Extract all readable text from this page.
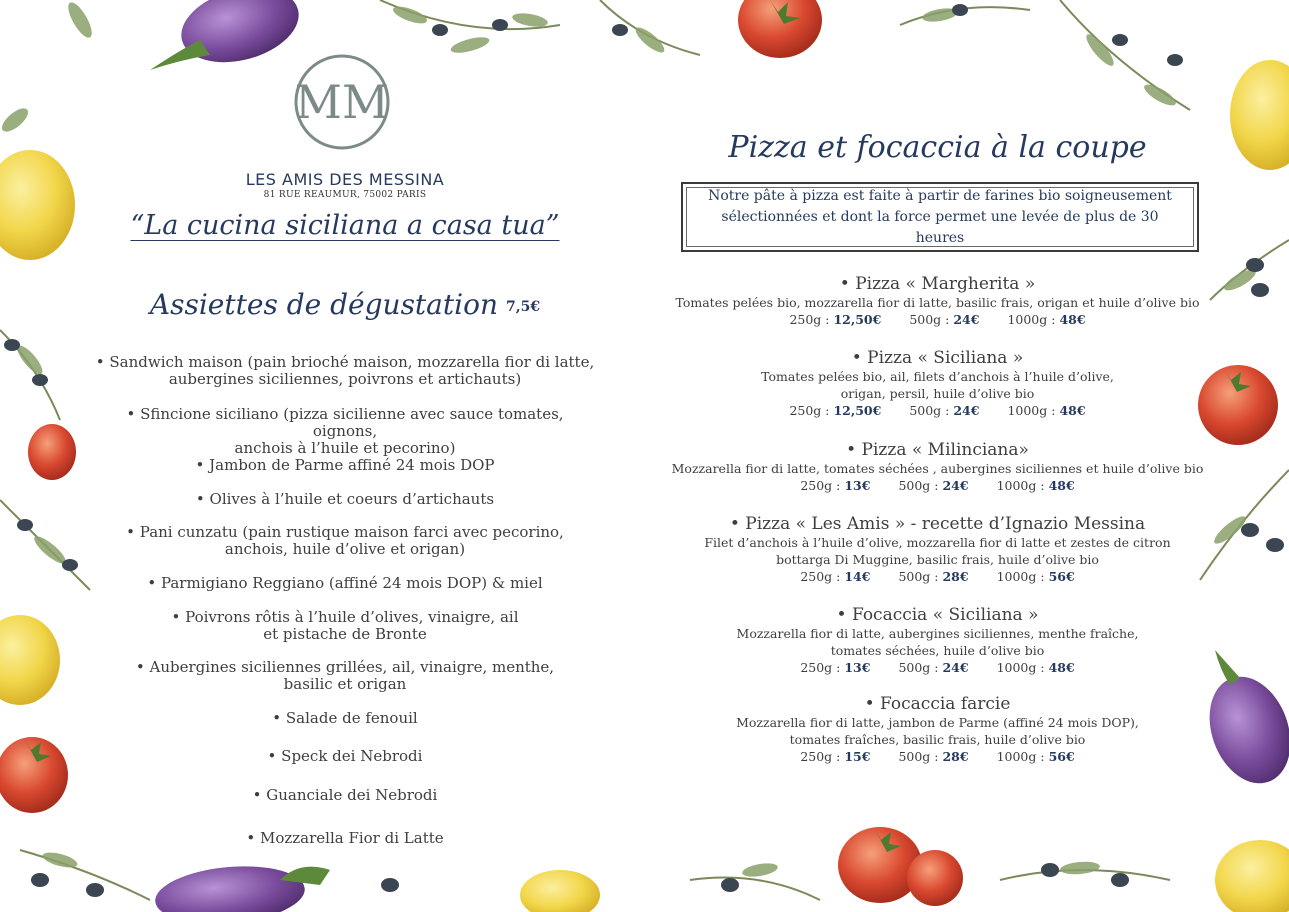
MM
LES AMIS DES MESSINA
81 RUE REAUMUR, 75002 PARIS
“La cucina siciliana a casa tua”
Assiettes de dégustation 7,5€
• Sandwich maison (pain brioché maison, mozzarella fior di latte,
aubergines siciliennes, poivrons et artichauts)
• Sfincione siciliano (pizza sicilienne avec sauce tomates, oignons,
anchois à l’huile et pecorino)
• Jambon de Parme affiné 24 mois DOP
• Olives à l’huile et coeurs d’artichauts
• Pani cunzatu (pain rustique maison farci avec pecorino,
anchois, huile d’olive et origan)
• Parmigiano Reggiano (affiné 24 mois DOP) & miel
• Poivrons rôtis à l’huile d’olives, vinaigre, ail
et pistache de Bronte
• Aubergines siciliennes grillées, ail, vinaigre, menthe,
basilic et origan
• Salade de fenouil
• Speck dei Nebrodi
• Guanciale dei Nebrodi
• Mozzarella Fior di Latte
Pizza et focaccia à la coupe
Notre pâte à pizza est faite à partir de farines bio soigneusement
sélectionnées et dont la force permet une levée de plus de 30 heures
• Pizza « Margherita »
Tomates pelées bio, mozzarella fior di latte, basilic frais, origan et huile d’olive bio
250g : 12,50€ 500g : 24€ 1000g : 48€
• Pizza « Siciliana »
Tomates pelées bio, ail, filets d’anchois à l’huile d’olive,
origan, persil, huile d’olive bio
250g : 12,50€ 500g : 24€ 1000g : 48€
• Pizza « Milinciana»
Mozzarella fior di latte, tomates séchées , aubergines siciliennes et huile d’olive bio
250g : 13€ 500g : 24€ 1000g : 48€
• Pizza « Les Amis » - recette d’Ignazio Messina
Filet d’anchois à l’huile d’olive, mozzarella fior di latte et zestes de citron
bottarga Di Muggine, basilic frais, huile d’olive bio
250g : 14€ 500g : 28€ 1000g : 56€
• Focaccia « Siciliana »
Mozzarella fior di latte, aubergines siciliennes, menthe fraîche,
tomates séchées, huile d’olive bio
250g : 13€ 500g : 24€ 1000g : 48€
• Focaccia farcie
Mozzarella fior di latte, jambon de Parme (affiné 24 mois DOP),
tomates fraîches, basilic frais, huile d’olive bio
250g : 15€ 500g : 28€ 1000g : 56€
